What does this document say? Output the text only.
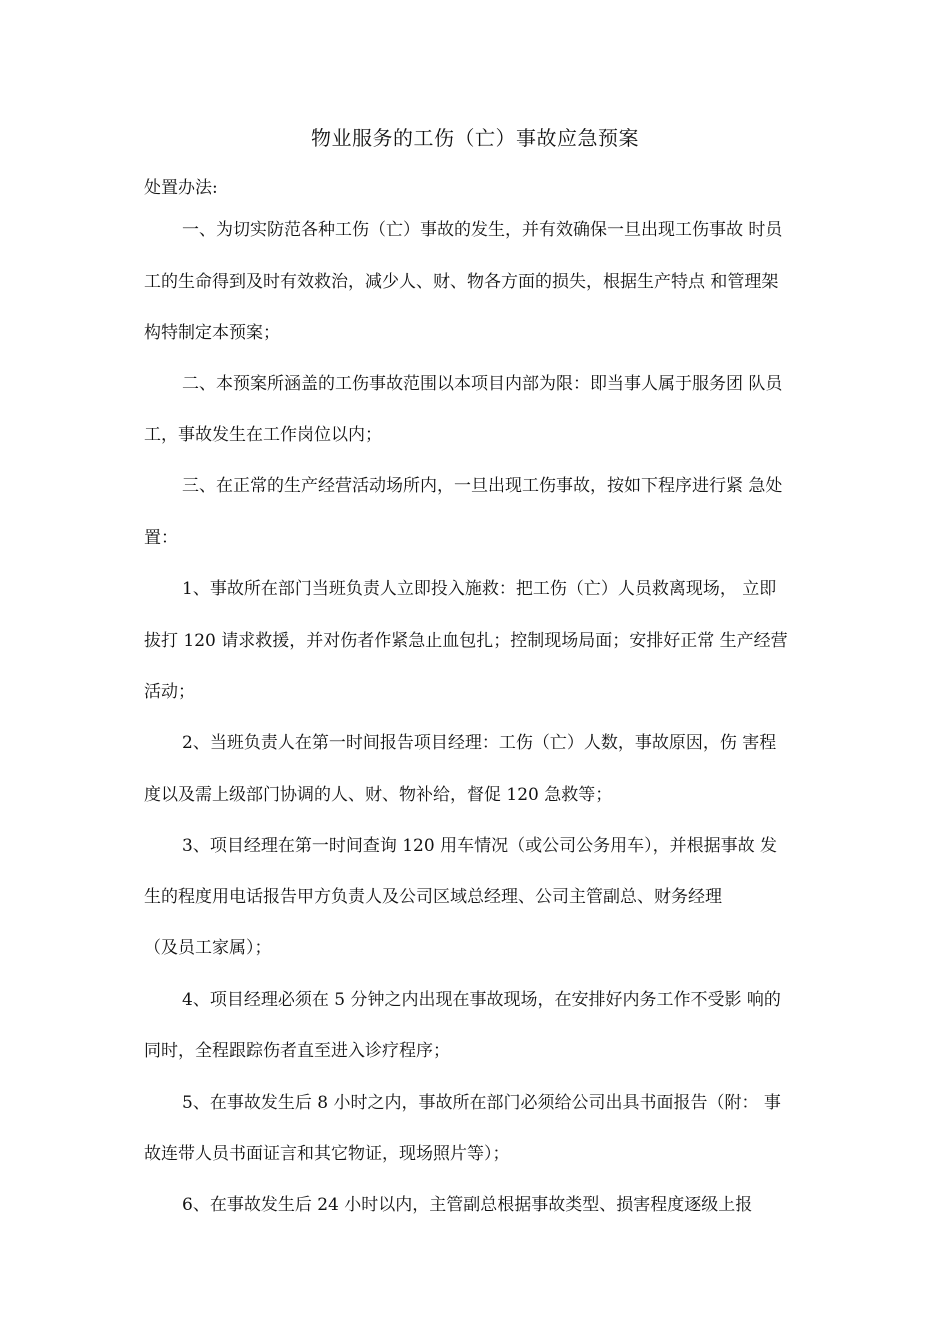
物业服务的工伤（亡）事故应急预案
处置办法:
一、为切实防范各种工伤（亡）事故的发生，并有效确保一旦出现工伤事故 时员
工的生命得到及时有效救治，减少人、财、物各方面的损失，根据生产特点 和管理架
构特制定本预案；
二、本预案所涵盖的工伤事故范围以本项目内部为限：即当事人属于服务团 队员
工，事故发生在工作岗位以内；
三、在正常的生产经营活动场所内，一旦出现工伤事故，按如下程序进行紧 急处
置：
1、事故所在部门当班负责人立即投入施救：把工伤（亡）人员救离现场， 立即
拔打 120 请求救援，并对伤者作紧急止血包扎；控制现场局面；安排好正常 生产经营
活动；
2、当班负责人在第一时间报告项目经理：工伤（亡）人数，事故原因，伤 害程
度以及需上级部门协调的人、财、物补给，督促 120 急救等；
3、项目经理在第一时间查询 120 用车情况（或公司公务用车），并根据事故 发
生的程度用电话报告甲方负责人及公司区域总经理、公司主管副总、财务经理
（及员工家属）；
4、项目经理必须在 5 分钟之内出现在事故现场，在安排好内务工作不受影 响的
同时，全程跟踪伤者直至进入诊疗程序；
5、在事故发生后 8 小时之内，事故所在部门必须给公司出具书面报告（附： 事
故连带人员书面证言和其它物证，现场照片等）；
6、在事故发生后 24 小时以内，主管副总根据事故类型、损害程度逐级上报
